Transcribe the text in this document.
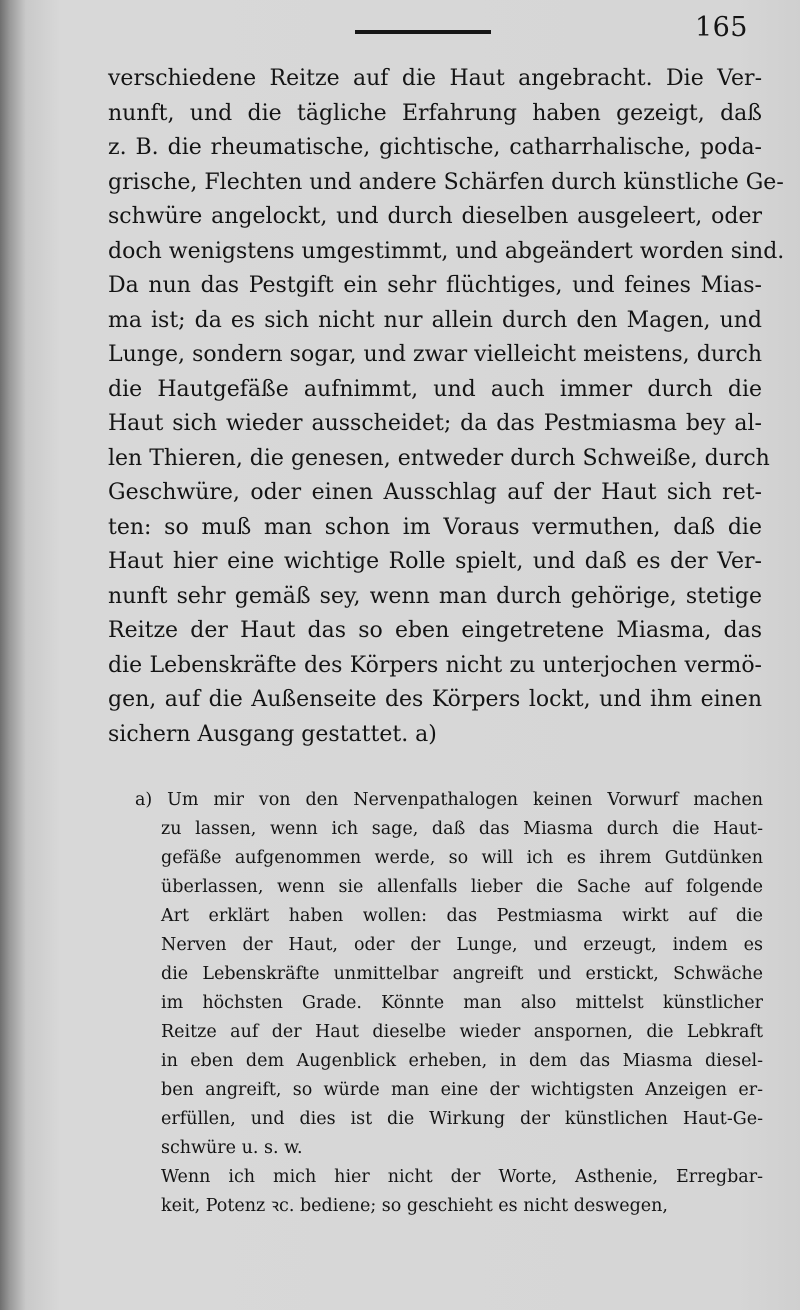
165
verschiedene Reitze auf die Haut angebracht. Die Ver-
nunft, und die tägliche Erfahrung haben gezeigt, daß
z. B. die rheumatische, gichtische, catharrhalische, poda-
grische, Flechten und andere Schärfen durch künstliche Ge-
schwüre angelockt, und durch dieselben ausgeleert, oder
doch wenigstens umgestimmt, und abgeändert worden sind.
Da nun das Pestgift ein sehr flüchtiges, und feines Mias-
ma ist; da es sich nicht nur allein durch den Magen, und
Lunge, sondern sogar, und zwar vielleicht meistens, durch
die Hautgefäße aufnimmt, und auch immer durch die
Haut sich wieder ausscheidet; da das Pestmiasma bey al-
len Thieren, die genesen, entweder durch Schweiße, durch
Geschwüre, oder einen Ausschlag auf der Haut sich ret-
ten: so muß man schon im Voraus vermuthen, daß die
Haut hier eine wichtige Rolle spielt, und daß es der Ver-
nunft sehr gemäß sey, wenn man durch gehörige, stetige
Reitze der Haut das so eben eingetretene Miasma, das
die Lebenskräfte des Körpers nicht zu unterjochen vermö-
gen, auf die Außenseite des Körpers lockt, und ihm einen
sichern Ausgang gestattet. a)
a) Um mir von den Nervenpathalogen keinen Vorwurf machen
zu lassen, wenn ich sage, daß das Miasma durch die Haut-
gefäße aufgenommen werde, so will ich es ihrem Gutdünken
überlassen, wenn sie allenfalls lieber die Sache auf folgende
Art erklärt haben wollen: das Pestmiasma wirkt auf die
Nerven der Haut, oder der Lunge, und erzeugt, indem es
die Lebenskräfte unmittelbar angreift und erstickt, Schwäche
im höchsten Grade. Könnte man also mittelst künstlicher
Reitze auf der Haut dieselbe wieder anspornen, die Lebkraft
in eben dem Augenblick erheben, in dem das Miasma diesel-
ben angreift, so würde man eine der wichtigsten Anzeigen er-
erfüllen, und dies ist die Wirkung der künstlichen Haut-Ge-
schwüre u. s. w.
Wenn ich mich hier nicht der Worte, Asthenie, Erregbar-
keit, Potenz ꝛc. bediene; so geschieht es nicht deswegen,
